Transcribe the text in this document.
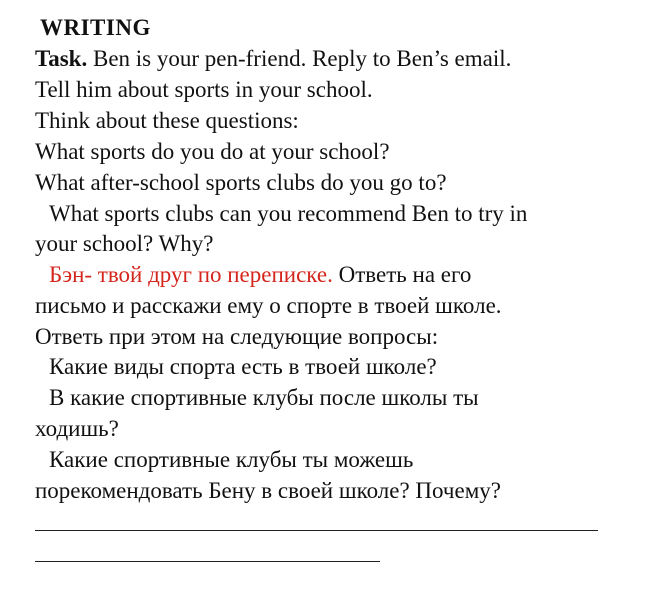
WRITING
Task. Ben is your pen-friend. Reply to Ben’s email.
Tell him about sports in your school.
Think about these questions:
What sports do you do at your school?
What after-school sports clubs do you go to?
What sports clubs can you recommend Ben to try in
your school? Why?
Бэн- твой друг по переписке. Ответь на его
письмо и расскажи ему о спорте в твоей школе.
Ответь при этом на следующие вопросы:
Какие виды спорта есть в твоей школе?
В какие спортивные клубы после школы ты
ходишь?
Какие спортивные клубы ты можешь
порекомендовать Бену в своей школе? Почему?
